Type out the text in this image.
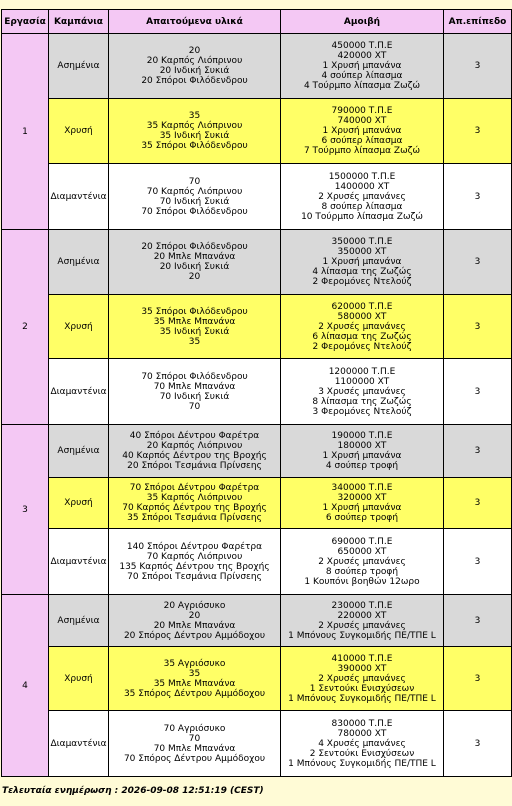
Εργασία	Καμπάνια	Απαιτούμενα υλικά	Αμοιβή	Απ.επίπεδο
1	Ασημένια	20
20 Καρπός Λιόπρινου
20 Ινδική Συκιά
20 Σπόροι Φιλόδενδρου	450000 Τ.Π.Ε
420000 ΧΤ
1 Χρυσή μπανάνα
4 σούπερ λίπασμα
4 Τούρμπο λίπασμα Ζωζώ	3
	Χρυσή	35
35 Καρπός Λιόπρινου
35 Ινδική Συκιά
35 Σπόροι Φιλόδενδρου	790000 Τ.Π.Ε
740000 ΧΤ
1 Χρυσή μπανάνα
6 σούπερ λίπασμα
7 Τούρμπο λίπασμα Ζωζώ	3
	Διαμαντένια	70
70 Καρπός Λιόπρινου
70 Ινδική Συκιά
70 Σπόροι Φιλόδενδρου	1500000 Τ.Π.Ε
1400000 ΧΤ
2 Χρυσές μπανάνες
8 σούπερ λίπασμα
10 Τούρμπο λίπασμα Ζωζώ	3
2	Ασημένια	20 Σπόροι Φιλόδενδρου
20 Μπλε Μπανάνα
20 Ινδική Συκιά
20	350000 Τ.Π.Ε
350000 ΧΤ
1 Χρυσή μπανάνα
4 λίπασμα της Ζωζώς
2 Φερομόνες Ντελούζ	3
	Χρυσή	35 Σπόροι Φιλόδενδρου
35 Μπλε Μπανάνα
35 Ινδική Συκιά
35	620000 Τ.Π.Ε
580000 ΧΤ
2 Χρυσές μπανάνες
6 λίπασμα της Ζωζώς
2 Φερομόνες Ντελούζ	3
	Διαμαντένια	70 Σπόροι Φιλόδενδρου
70 Μπλε Μπανάνα
70 Ινδική Συκιά
70	1200000 Τ.Π.Ε
1100000 ΧΤ
3 Χρυσές μπανάνες
8 λίπασμα της Ζωζώς
3 Φερομόνες Ντελούζ	3
3	Ασημένια	40 Σπόροι Δέντρου Φαρέτρα
20 Καρπός Λιόπρινου
40 Καρπός Δέντρου της Βροχής
20 Σπόροι Τεσμάνια Πρίνσεης	190000 Τ.Π.Ε
180000 ΧΤ
1 Χρυσή μπανάνα
4 σούπερ τροφή	3
	Χρυσή	70 Σπόροι Δέντρου Φαρέτρα
35 Καρπός Λιόπρινου
70 Καρπός Δέντρου της Βροχής
35 Σπόροι Τεσμάνια Πρίνσεης	340000 Τ.Π.Ε
320000 ΧΤ
1 Χρυσή μπανάνα
6 σούπερ τροφή	3
	Διαμαντένια	140 Σπόροι Δέντρου Φαρέτρα
70 Καρπός Λιόπρινου
135 Καρπός Δέντρου της Βροχής
70 Σπόροι Τεσμάνια Πρίνσεης	690000 Τ.Π.Ε
650000 ΧΤ
2 Χρυσές μπανάνες
8 σούπερ τροφή
1 Κουπόνι βοηθών 12ωρο	3
4	Ασημένια	20 Αγριόσυκο
20
20 Μπλε Μπανάνα
20 Σπόρος Δέντρου Αμμόδοχου	230000 Τ.Π.Ε
220000 ΧΤ
2 Χρυσές μπανάνες
1 Μπόνους Συγκομιδής ΠΕ/ΤΠΕ L	3
	Χρυσή	35 Αγριόσυκο
35
35 Μπλε Μπανάνα
35 Σπόρος Δέντρου Αμμόδοχου	410000 Τ.Π.Ε
390000 ΧΤ
2 Χρυσές μπανάνες
1 Σεντούκι Ενισχύσεων
1 Μπόνους Συγκομιδής ΠΕ/ΤΠΕ L	3
	Διαμαντένια	70 Αγριόσυκο
70
70 Μπλε Μπανάνα
70 Σπόρος Δέντρου Αμμόδοχου	830000 Τ.Π.Ε
780000 ΧΤ
4 Χρυσές μπανάνες
2 Σεντούκι Ενισχύσεων
1 Μπόνους Συγκομιδής ΠΕ/ΤΠΕ L	3
Τελευταία ενημέρωση : 2026-09-08 12:51:19 (CEST)
